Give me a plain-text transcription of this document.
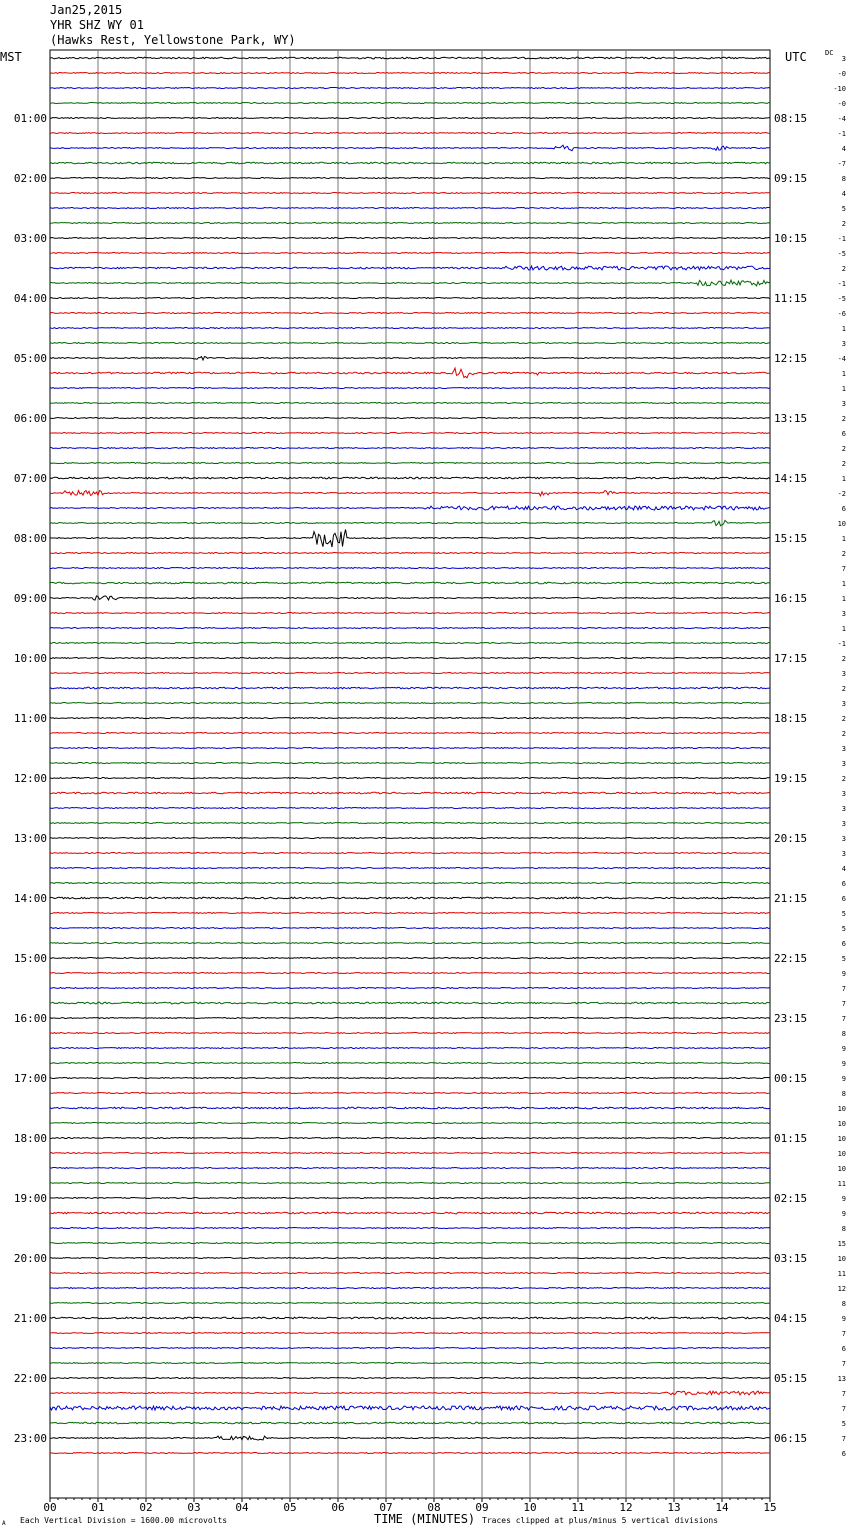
Jan25,2015
YHR SHZ WY 01
(Hawks Rest, Yellowstone Park, WY)
MST	UTC	DC
3
-0
-10
-0
-4
-1
4
-7
8
4
5
2
-1
-5
2
-1
-5
-6
1
3
-4
1
1
3
2
6
2
2
1
-2
6
10
1
2
7
1
1
3
1
-1
2
3
2
3
2
2
3
3
2
3
3
3
3
3
4
6
6
5
5
6
5
9
7
7
7
8
9
9
9
8
10
10
10
10
10
11
9
9
8
15
10
11
12
8
9
7
6
7
13
7
7
5
7
6
01:00
02:00
03:00
04:00
05:00
06:00
07:00
08:00
09:00
10:00
11:00
12:00
13:00
14:00
15:00
16:00
17:00
18:00
19:00
20:00
21:00
22:00
23:00
08:15
09:15
10:15
11:15
12:15
13:15
14:15
15:15
16:15
17:15
18:15
19:15
20:15
21:15
22:15
23:15
00:15
01:15
02:15
03:15
04:15
05:15
06:15
00	01	02	03	04	05	06	07	08	09	10	11	12	13	14	15
Each Vertical Division = 1600.00 microvolts	TIME (MINUTES) Traces clipped at plus/minus 5 vertical divisions
A
